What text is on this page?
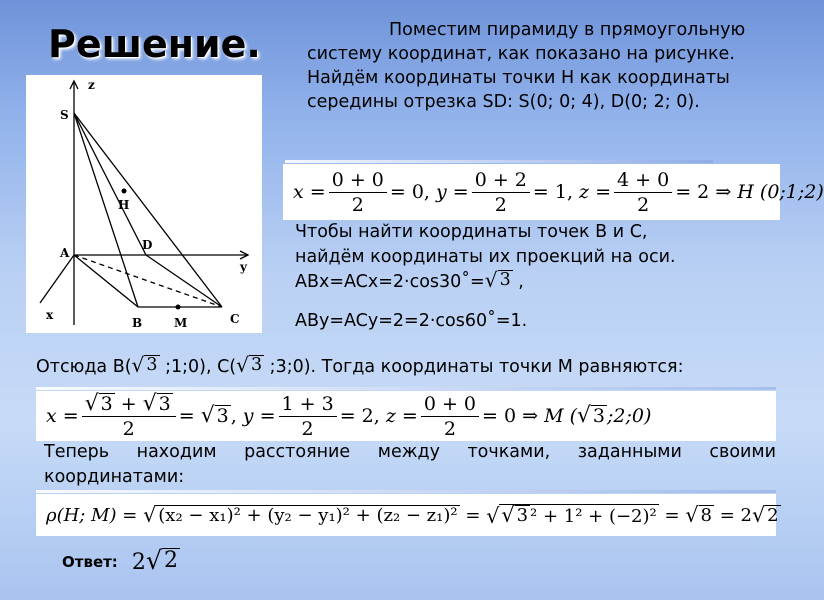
Решение.	Поместим пирамиду в прямоугольную систему координат, как показано на рисунке. Найдём координаты точки H как координаты середины отрезка SD: S(0; 0; 4), D(0; 2; 0).

z
S
H
A
D
y
x
B	M	C
$x = \frac{0 + 0}{2} = 0$,
$y = \frac{0 + 2}{2} = 1$,
$z = \frac{4 + 0}{2} = 2$
⇒
H (0;1;2)

Чтобы найти координаты точек B и C,

найдём координаты их проекций на оси.

ABx=ACx=2·cos30˚= √ 3 ,

ABy=ACy=2=2·cos60˚=1.

Отсюда B( √ 3 ;1;0), C( √ 3 ;3;0). Тогда координаты точки M равняются:

$x = \frac{√ 3 + √ 3}{2}$ =
√ 3 ,
$y = \frac{1 + 3}{2} = 2$,
$z = \frac{0 + 0}{2} = 0$
⇒
M ( √ 3 ;2;0)

Теперь находим расстояние между точками, заданными своими координатами:

ρ(H; M) =
√ (x₂ − x₁)² + (y₂ − y₁)² + (z₂ − z₁)²
=
√ √ 3 ² + 1² + (−2)²
=
√ 8
= 2 √ 2
Ответ: 2 √ 2
